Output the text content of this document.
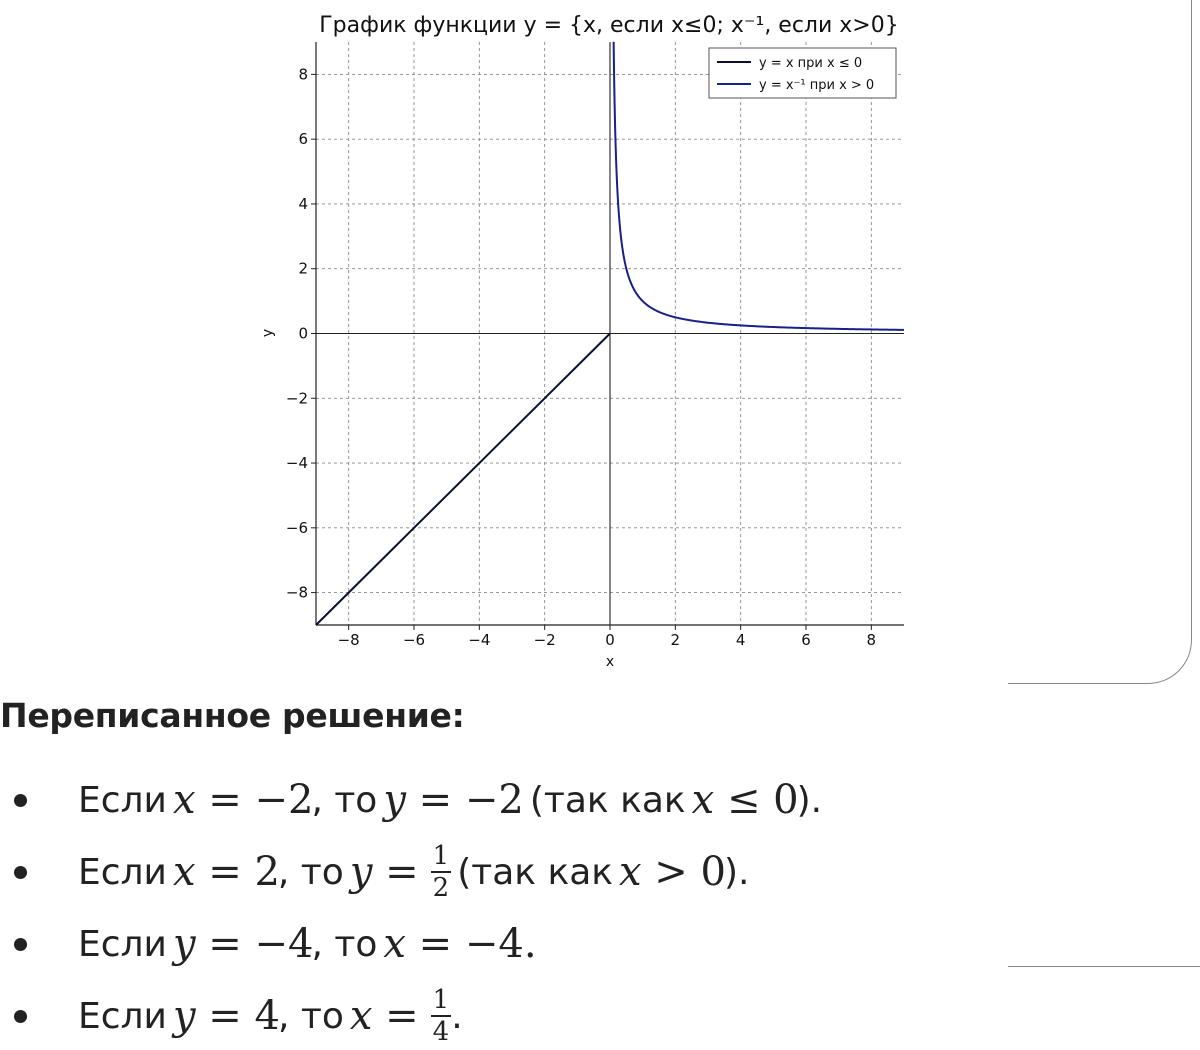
График функции y = {x, если x≤0; x⁻¹, если x>0}
−8	−6	−4	−2	0	2	4	6	8
−8
−6
−4
−2
0
2
4
6
8
x
y
y = x при x ≤ 0
y = x⁻¹ при x > 0
Переписанное решение:
Если x = −2
, то y = −2 (так как x ≤ 0
).
Если x = 2
, то $y = \frac{1}{2} (так$ как x > 0
).
Если y = −4
, то x = −4.
Если y = 4
, то $x = \frac{1}{4}$ .
